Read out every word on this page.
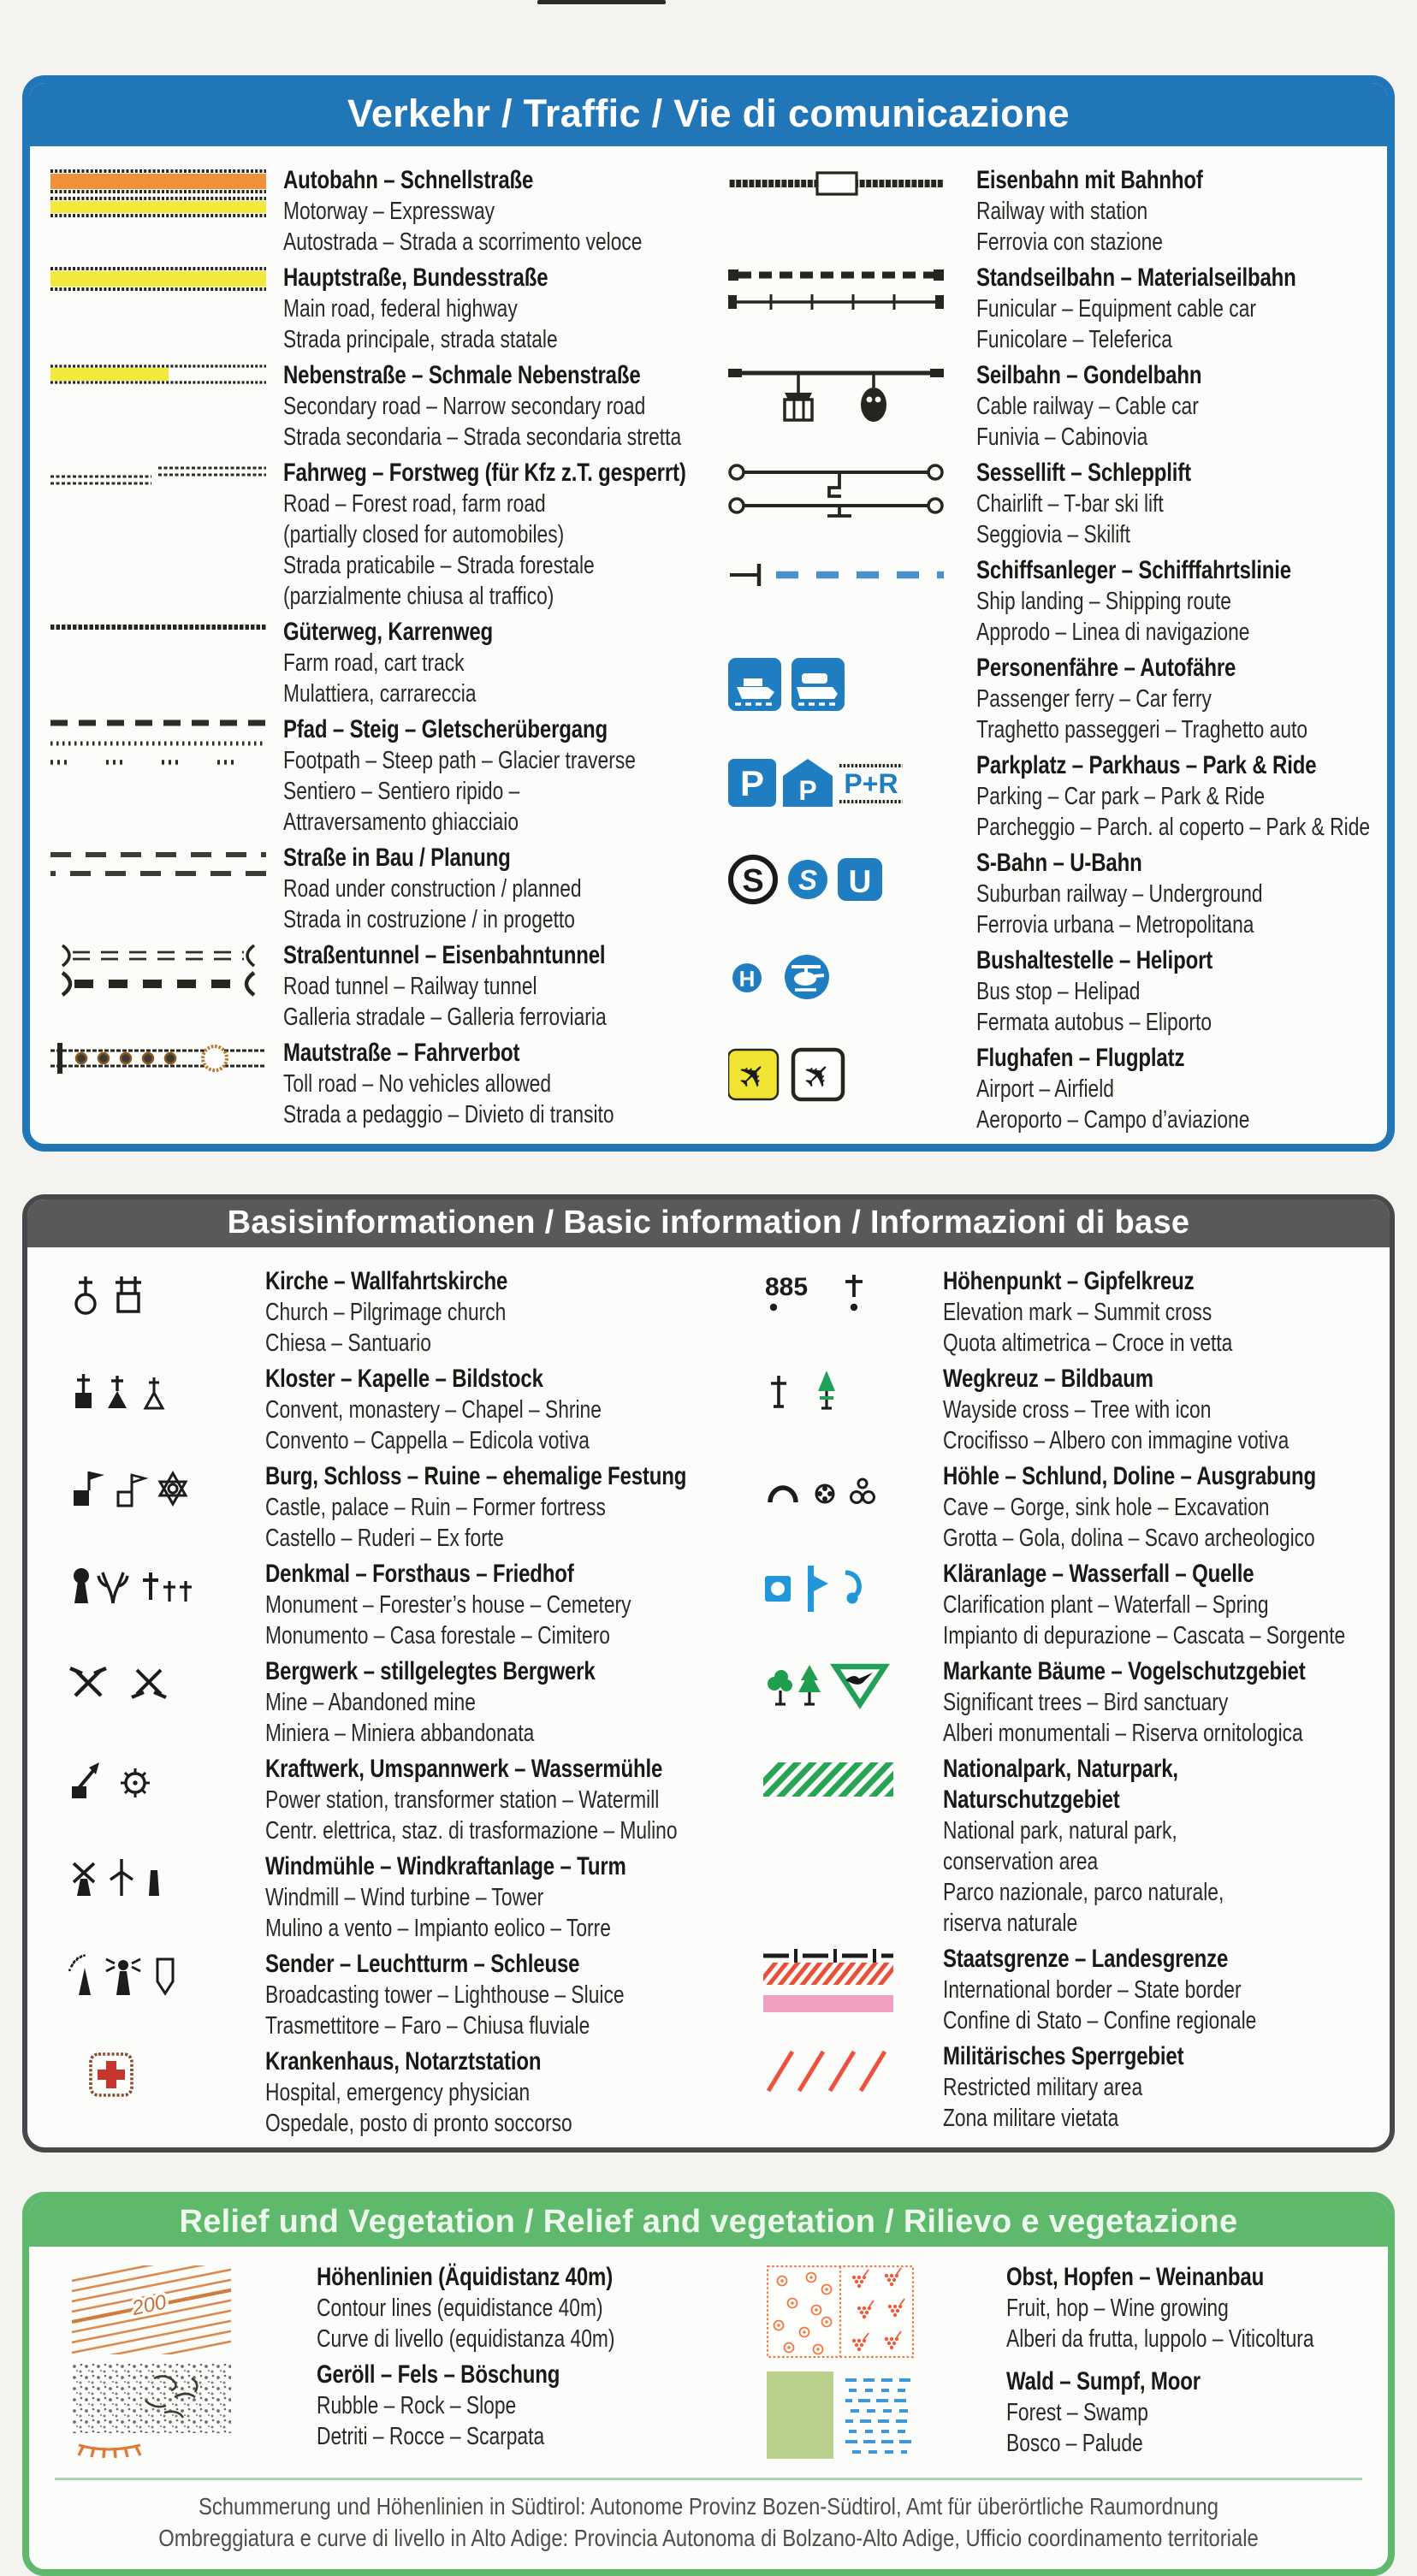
Verkehr / Traffic / Vie di comunicazione
Autobahn – Schnellstraße
Motorway – Expressway
Autostrada – Strada a scorrimento veloce
Hauptstraße, Bundesstraße
Main road, federal highway
Strada principale, strada statale
Nebenstraße – Schmale Nebenstraße
Secondary road – Narrow secondary road
Strada secondaria – Strada secondaria stretta
Fahrweg – Forstweg (für Kfz z.T. gesperrt)
Road – Forest road, farm road
(partially closed for automobiles)
Strada praticabile – Strada forestale
(parzialmente chiusa al traffico)
Güterweg, Karrenweg
Farm road, cart track
Mulattiera, carrareccia
Pfad – Steig – Gletscherübergang
Footpath – Steep path – Glacier traverse
Sentiero – Sentiero ripido –
Attraversamento ghiacciaio
Straße in Bau / Planung
Road under construction / planned
Strada in costruzione / in progetto
Straßentunnel – Eisenbahntunnel
Road tunnel – Railway tunnel
Galleria stradale – Galleria ferroviaria
Mautstraße – Fahrverbot
Toll road – No vehicles allowed
Strada a pedaggio – Divieto di transito
Eisenbahn mit Bahnhof
Railway with station
Ferrovia con stazione
Standseilbahn – Materialseilbahn
Funicular – Equipment cable car
Funicolare – Teleferica
Seilbahn – Gondelbahn
Cable railway – Cable car
Funivia – Cabinovia
Sessellift – Schlepplift
Chairlift – T-bar ski lift
Seggiovia – Skilift
Schiffsanleger – Schifffahrtslinie
Ship landing – Shipping route
Approdo – Linea di navigazione
Personenfähre – Autofähre
Passenger ferry – Car ferry
Traghetto passeggeri – Traghetto auto
P P P+R
Parkplatz – Parkhaus – Park & Ride
Parking – Car park – Park & Ride
Parcheggio – Parch. al coperto – Park & Ride
S S U
S-Bahn – U-Bahn
Suburban railway – Underground
Ferrovia urbana – Metropolitana
H
Bushaltestelle – Heliport
Bus stop – Helipad
Fermata autobus – Eliporto
✈ ✈	Flughafen – Flugplatz
Airport – Airfield
Aeroporto – Campo d’aviazione
Basisinformationen / Basic information / Informazioni di base
Kirche – Wallfahrtskirche
Church – Pilgrimage church
Chiesa – Santuario
Kloster – Kapelle – Bildstock
Convent, monastery – Chapel – Shrine
Convento – Cappella – Edicola votiva
Burg, Schloss – Ruine – ehemalige Festung
Castle, palace – Ruin – Former fortress
Castello – Ruderi – Ex forte
Denkmal – Forsthaus – Friedhof
Monument – Forester’s house – Cemetery
Monumento – Casa forestale – Cimitero
Bergwerk – stillgelegtes Bergwerk
Mine – Abandoned mine
Miniera – Miniera abbandonata
Kraftwerk, Umspannwerk – Wassermühle
Power station, transformer station – Watermill
Centr. elettrica, staz. di trasformazione – Mulino
Windmühle – Windkraftanlage – Turm
Windmill – Wind turbine – Tower
Mulino a vento – Impianto eolico – Torre
Sender – Leuchtturm – Schleuse
Broadcasting tower – Lighthouse – Sluice
Trasmettitore – Faro – Chiusa fluviale
Krankenhaus, Notarztstation
Hospital, emergency physician
Ospedale, posto di pronto soccorso
885	Höhenpunkt – Gipfelkreuz
Elevation mark – Summit cross
Quota altimetrica – Croce in vetta
Wegkreuz – Bildbaum
Wayside cross – Tree with icon
Crocifisso – Albero con immagine votiva
Höhle – Schlund, Doline – Ausgrabung
Cave – Gorge, sink hole – Excavation
Grotta – Gola, dolina – Scavo archeologico
Kläranlage – Wasserfall – Quelle
Clarification plant – Waterfall – Spring
Impianto di depurazione – Cascata – Sorgente
Markante Bäume – Vogelschutzgebiet
Significant trees – Bird sanctuary
Alberi monumentali – Riserva ornitologica
Nationalpark, Naturpark,
Naturschutzgebiet
National park, natural park,
conservation area
Parco nazionale, parco naturale,
riserva naturale
Staatsgrenze – Landesgrenze
International border – State border
Confine di Stato – Confine regionale
Militärisches Sperrgebiet
Restricted military area
Zona militare vietata
Relief und Vegetation / Relief and vegetation / Rilievo e vegetazione
200
Höhenlinien (Äquidistanz 40m)
Contour lines (equidistance 40m)
Curve di livello (equidistanza 40m)
Geröll – Fels – Böschung
Rubble – Rock – Slope
Detriti – Rocce – Scarpata
Obst, Hopfen – Weinanbau
Fruit, hop – Wine growing
Alberi da frutta, luppolo – Viticoltura
Wald – Sumpf, Moor
Forest – Swamp
Bosco – Palude
Schummerung und Höhenlinien in Südtirol: Autonome Provinz Bozen-Südtirol, Amt für überörtliche Raumordnung
Ombreggiatura e curve di livello in Alto Adige: Provincia Autonoma di Bolzano-Alto Adige, Ufficio coordinamento territoriale
